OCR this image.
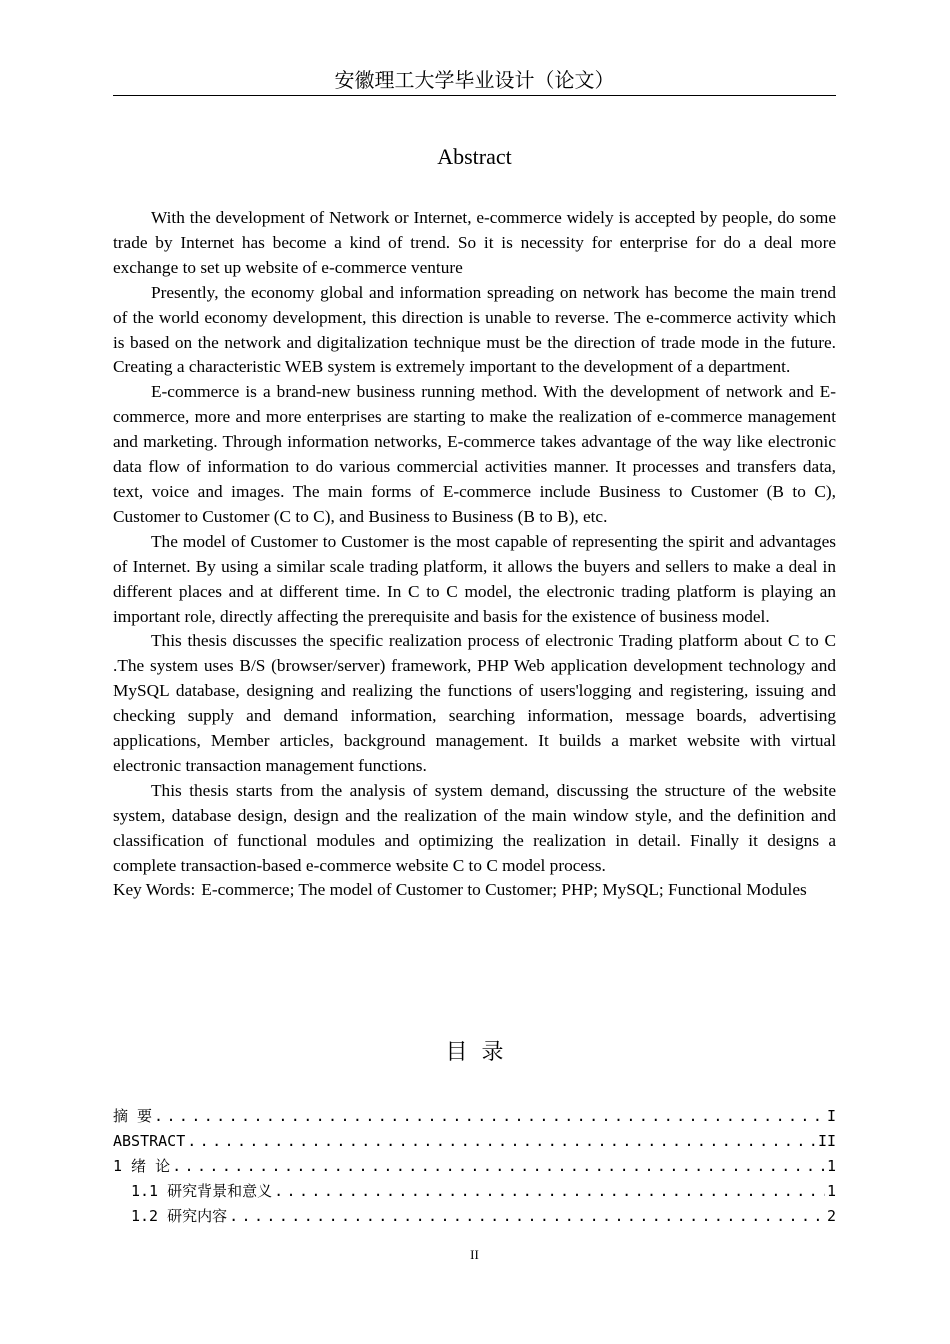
安徽理工大学毕业设计（论文）
Abstract

With the development of Network or Internet, e-commerce widely is accepted by people, do some trade by Internet has become a kind of trend. So it is necessity for enterprise for do a deal more exchange to set up website of e-commerce venture

Presently, the economy global and information spreading on network has become the main trend of the world economy development, this direction is unable to reverse. The e-commerce activity which is based on the network and digitalization technique must be the direction of trade mode in the future. Creating a characteristic WEB system is extremely important to the development of a department.

E-commerce is a brand-new business running method. With the development of network and E-commerce, more and more enterprises are starting to make the realization of e-commerce management and marketing. Through information networks, E-commerce takes advantage of the way like electronic data flow of information to do various commercial activities manner. It processes and transfers data, text, voice and images. The main forms of E-commerce include Business to Customer (B to C), Customer to Customer (C to C), and Business to Business (B to B), etc.

The model of Customer to Customer is the most capable of representing the spirit and advantages of Internet. By using a similar scale trading platform, it allows the buyers and sellers to make a deal in different places and at different time. In C to C model, the electronic trading platform is playing an important role, directly affecting the prerequisite and basis for the existence of business model.

This thesis discusses the specific realization process of electronic Trading platform about C to C .The system uses B/S (browser/server) framework, PHP Web application development technology and MySQL database, designing and realizing the functions of users'logging and registering, issuing and checking supply and demand information, searching information, message boards, advertising applications, Member articles, background management. It builds a market website with virtual electronic transaction management functions.

This thesis starts from the analysis of system demand, discussing the structure of the website system, database design, design and the realization of the main window style, and the definition and classification of functional modules and optimizing the realization in detail. Finally it designs a complete transaction-based e-commerce website C to C model process.

Key Words: E-commerce; The model of Customer to Customer; PHP; MySQL; Functional Modules
目录
摘 要 .....	I
ABSTRACT .....	II
1 绪 论 .....	1
1.1 研究背景和意义 .....	1
1.2 研究内容 .....	2
II
